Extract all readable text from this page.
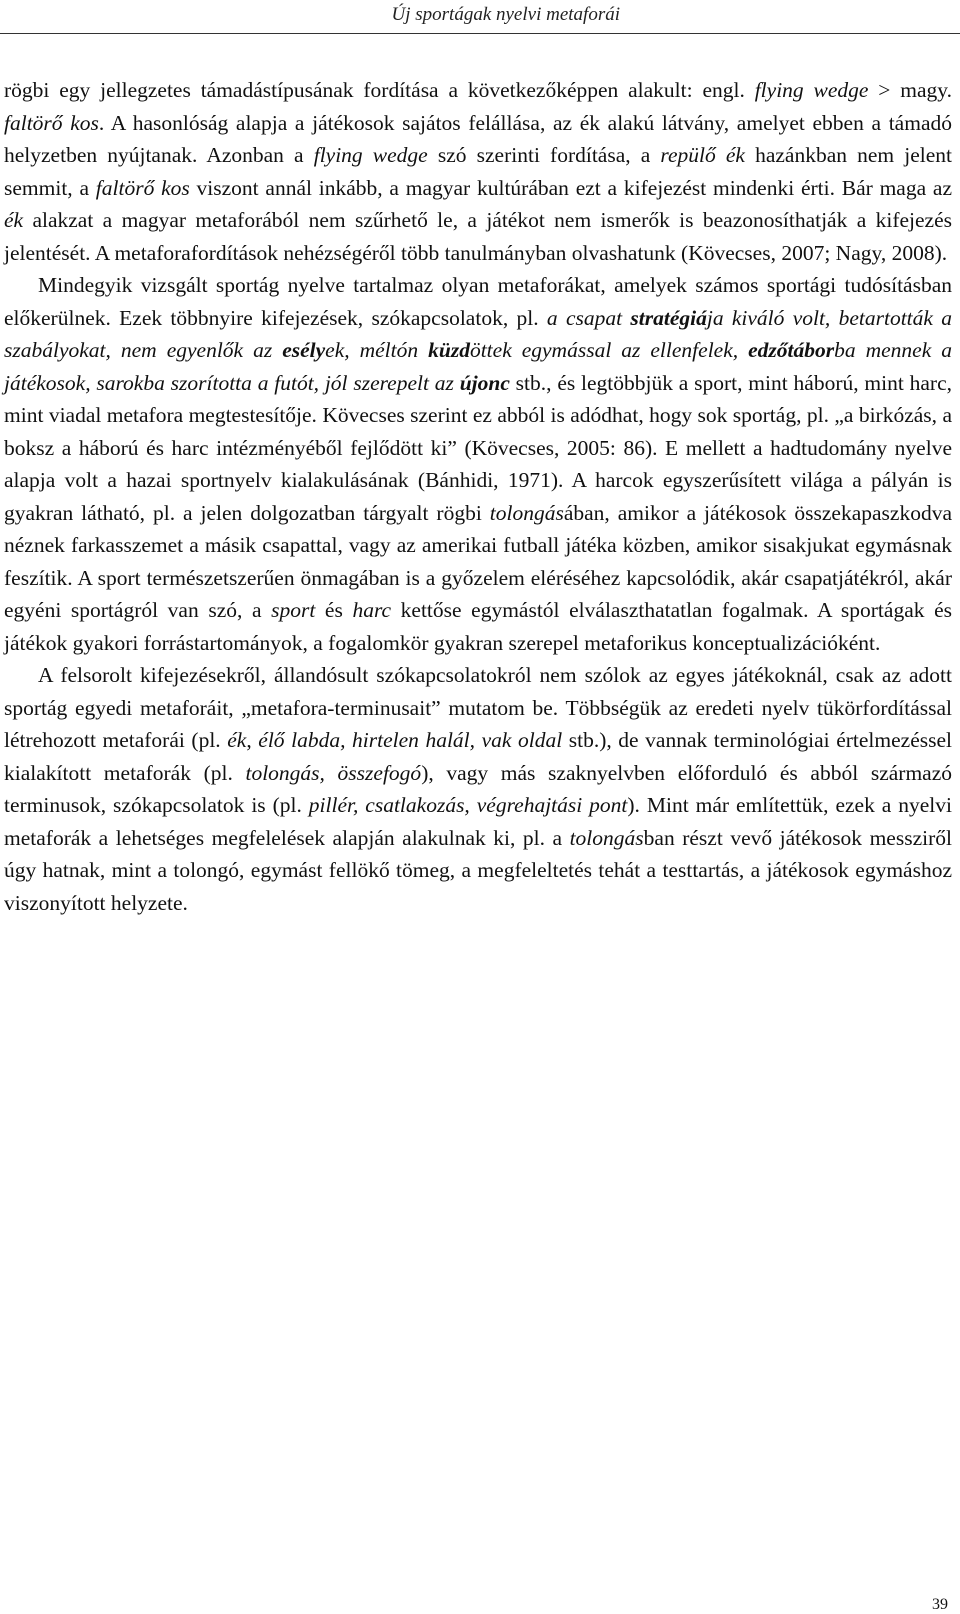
Új sportágak nyelvi metaforái

rögbi egy jellegzetes támadástípusának fordítása a következőképpen alakult: engl. flying wedge > magy. faltörő kos. A hasonlóság alapja a játékosok sajátos felállása, az ék alakú látvány, amelyet ebben a támadó helyzetben nyújtanak. Azonban a flying wedge szó szerinti fordítása, a repülő ék hazánkban nem jelent semmit, a faltörő kos viszont annál inkább, a magyar kultúrában ezt a kifejezést mindenki érti. Bár maga az ék alakzat a magyar metaforából nem szűrhető le, a játékot nem ismerők is beazonosíthatják a kifejezés jelentését. A metaforafordítások nehézségéről több tanulmányban olvashatunk (Kövecses, 2007; Nagy, 2008).

Mindegyik vizsgált sportág nyelve tartalmaz olyan metaforákat, amelyek számos sportági tudósításban előkerülnek. Ezek többnyire kifejezések, szókapcsolatok, pl. a csapat stratégiája kiváló volt, betartották a szabályokat, nem egyenlők az esélyek, méltón küzdöttek egymással az ellenfelek, edzőtáborba mennek a játékosok, sarokba szorította a futót, jól szerepelt az újonc stb., és legtöbbjük a sport, mint háború, mint harc, mint viadal metafora megtestesítője. Kövecses szerint ez abból is adódhat, hogy sok sportág, pl. „a birkózás, a boksz a háború és harc intézményéből fejlődött ki” (Kövecses, 2005: 86). E mellett a hadtudomány nyelve alapja volt a hazai sportnyelv kialakulásának (Bánhidi, 1971). A harcok egyszerűsített világa a pályán is gyakran látható, pl. a jelen dolgozatban tárgyalt rögbi tolongásában, amikor a játékosok összekapaszkodva néznek farkasszemet a másik csapattal, vagy az amerikai futball játéka közben, amikor sisakjukat egymásnak feszítik. A sport természetszerűen önmagában is a győzelem eléréséhez kapcsolódik, akár csapatjátékról, akár egyéni sportágról van szó, a sport és harc kettőse egymástól elválaszthatatlan fogalmak. A sportágak és játékok gyakori forrástartományok, a fogalomkör gyakran szerepel metaforikus konceptualizációként.

A felsorolt kifejezésekről, állandósult szókapcsolatokról nem szólok az egyes játékoknál, csak az adott sportág egyedi metaforáit, „metafora-terminusait” mutatom be. Többségük az eredeti nyelv tükörfordítással létrehozott metaforái (pl. ék, élő labda, hirtelen halál, vak oldal stb.), de vannak terminológiai értelmezéssel kialakított metaforák (pl. tolongás, összefogó), vagy más szaknyelvben előforduló és abból származó terminusok, szókapcsolatok is (pl. pillér, csatlakozás, végrehajtási pont). Mint már említettük, ezek a nyelvi metaforák a lehetséges megfelelések alapján alakulnak ki, pl. a tolongásban részt vevő játékosok messziről úgy hatnak, mint a tolongó, egymást fellökő tömeg, a megfeleltetés tehát a testtartás, a játékosok egymáshoz viszonyított helyzete.

39
